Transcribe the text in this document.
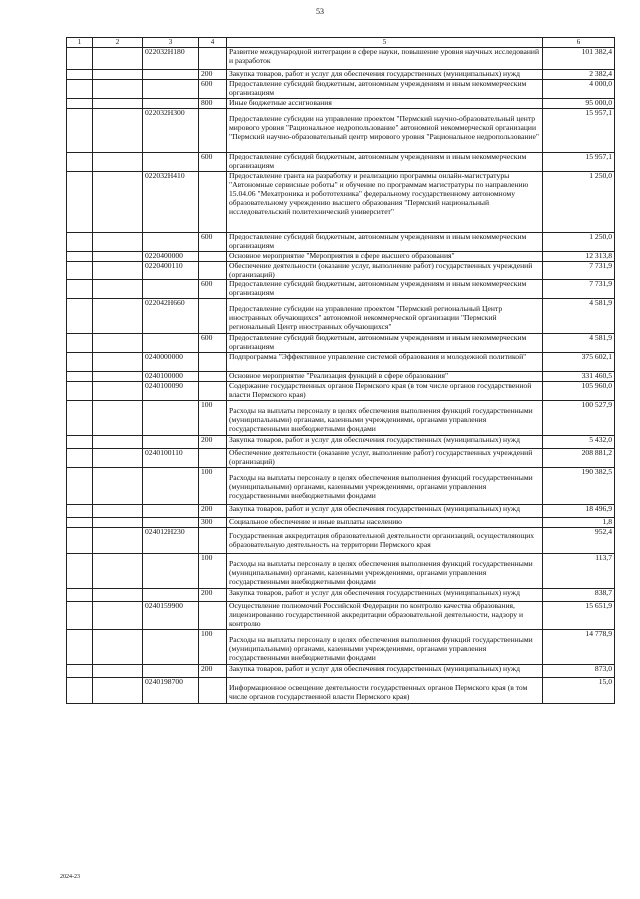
53
1	2	3	4	5	6
		022032Н180		Развитие международной интеграции в сфере науки, повышение уровня научных исследований и разработок	101 382,4
			200	Закупка товаров, работ и услуг для обеспечения государственных (муниципальных) нужд	2 382,4
			600	Предоставление субсидий бюджетным, автономным учреждениям и иным некоммерческим организациям	4 000,0
			800	Иные бюджетные ассигнования	95 000,0
		022032Н300		Предоставление субсидии на управление проектом "Пермский научно-образовательный центр мирового уровня "Рациональное недропользование" автономной некоммерческой организации "Пермский научно-образовательный центр мирового уровня "Рациональное недропользование"	15 957,1
			600	Предоставление субсидий бюджетным, автономным учреждениям и иным некоммерческим организациям	15 957,1
		022032Н410		Предоставление гранта на разработку и реализацию программы онлайн-магистратуры "Автономные сервисные роботы" и обучение по программам магистратуры по направлению 15.04.06 "Мехатроника и робототехника" федеральному государственному автономному образовательному учреждению высшего образования "Пермский национальный исследовательский политехнический университет"	1 250,0
			600	Предоставление субсидий бюджетным, автономным учреждениям и иным некоммерческим организациям	1 250,0
		0220400000		Основное мероприятие "Мероприятия в сфере высшего образования"	12 313,8
		0220400110		Обеспечение деятельности (оказание услуг, выполнение работ) государственных учреждений (организаций)	7 731,9
			600	Предоставление субсидий бюджетным, автономным учреждениям и иным некоммерческим организациям	7 731,9
		022042Н660		Предоставление субсидии на управление проектом "Пермский региональный Центр иностранных обучающихся" автономной некоммерческой организации "Пермский региональный Центр иностранных обучающихся"	4 581,9
			600	Предоставление субсидий бюджетным, автономным учреждениям и иным некоммерческим организациям	4 581,9
		0240000000		Подпрограмма "Эффективное управление системой образования и молодежной политикой"	375 602,1
		0240100000		Основное мероприятие "Реализация функций в сфере образования"	331 460,5
		0240100090		Содержание государственных органов Пермского края (в том числе органов государственной власти Пермского края)	105 960,0
			100	Расходы на выплаты персоналу в целях обеспечения выполнения функций государственными (муниципальными) органами, казенными учреждениями, органами управления государственными внебюджетными фондами	100 527,9
			200	Закупка товаров, работ и услуг для обеспечения государственных (муниципальных) нужд	5 432,0
		0240100110		Обеспечение деятельности (оказание услуг, выполнение работ) государственных учреждений (организаций)	208 881,2
			100	Расходы на выплаты персоналу в целях обеспечения выполнения функций государственными (муниципальными) органами, казенными учреждениями, органами управления государственными внебюджетными фондами	190 382,5
			200	Закупка товаров, работ и услуг для обеспечения государственных (муниципальных) нужд	18 496,9
			300	Социальное обеспечение и иные выплаты населению	1,8
		024012Н230		Государственная аккредитация образовательной деятельности организаций, осуществляющих образовательную деятельность на территории Пермского края	952,4
			100	Расходы на выплаты персоналу в целях обеспечения выполнения функций государственными (муниципальными) органами, казенными учреждениями, органами управления государственными внебюджетными фондами	113,7
			200	Закупка товаров, работ и услуг для обеспечения государственных (муниципальных) нужд	838,7
		0240159900		Осуществление полномочий Российской Федерации по контролю качества образования, лицензированию государственной аккредитации образовательной деятельности, надзору и контролю	15 651,9
			100	Расходы на выплаты персоналу в целях обеспечения выполнения функций государственными (муниципальными) органами, казенными учреждениями, органами управления государственными внебюджетными фондами	14 778,9
			200	Закупка товаров, работ и услуг для обеспечения государственных (муниципальных) нужд	873,0
		0240198700		Информационное освещение деятельности государственных органов Пермского края (в том числе органов государственной власти Пермского края)	15,0
2024-23
